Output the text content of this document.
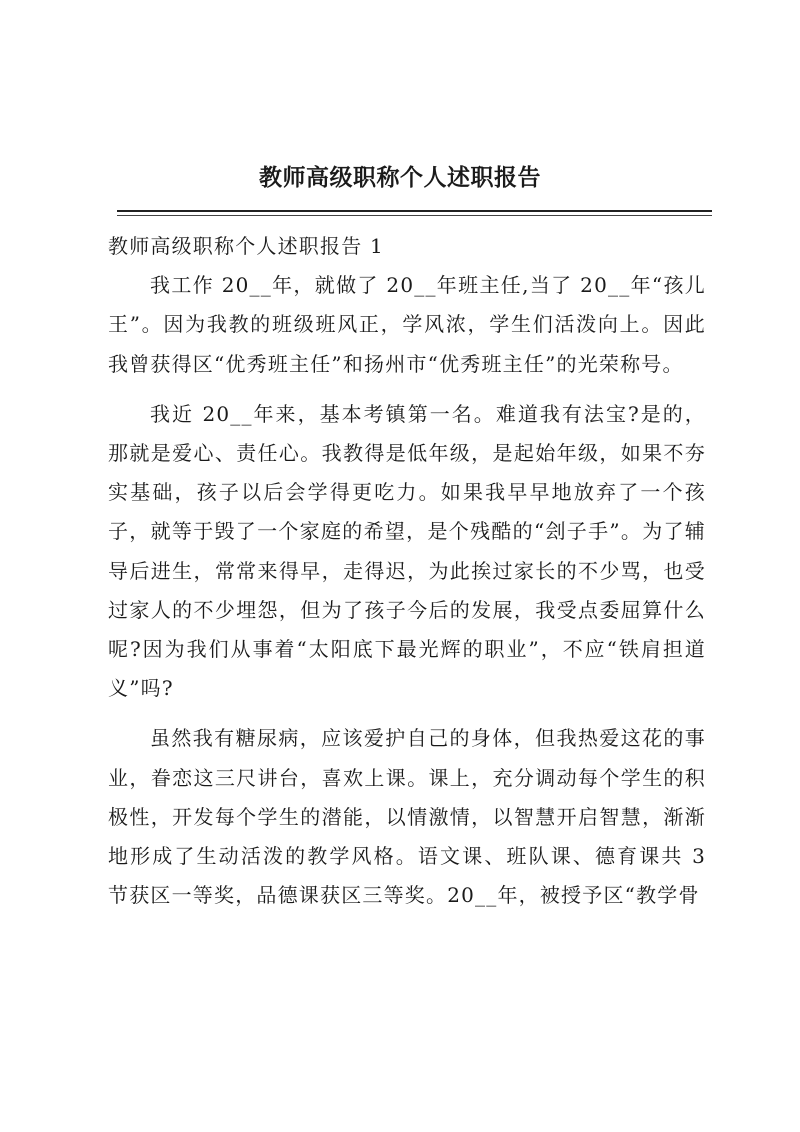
教师高级职称个人述职报告

教师高级职称个人述职报告 1

我工作 20__年，就做了 20__年班主任,当了 20__年“孩儿王”。因为我教的班级班风正，学风浓，学生们活泼向上。因此我曾获得区“优秀班主任”和扬州市“优秀班主任”的光荣称号。

我近 20__年来，基本考镇第一名。难道我有法宝?是的，那就是爱心、责任心。我教得是低年级，是起始年级，如果不夯实基础，孩子以后会学得更吃力。如果我早早地放弃了一个孩子，就等于毁了一个家庭的希望，是个残酷的“刽子手”。为了辅导后进生，常常来得早，走得迟，为此挨过家长的不少骂，也受过家人的不少埋怨，但为了孩子今后的发展，我受点委屈算什么呢?因为我们从事着“太阳底下最光辉的职业”，不应“铁肩担道义”吗?

虽然我有糖尿病，应该爱护自己的身体，但我热爱这花的事业，眷恋这三尺讲台，喜欢上课。课上，充分调动每个学生的积极性，开发每个学生的潜能，以情激情，以智慧开启智慧，渐渐地形成了生动活泼的教学风格。语文课、班队课、德育课共 3 节获区一等奖，品德课获区三等奖。20__年，被授予区“教学骨
